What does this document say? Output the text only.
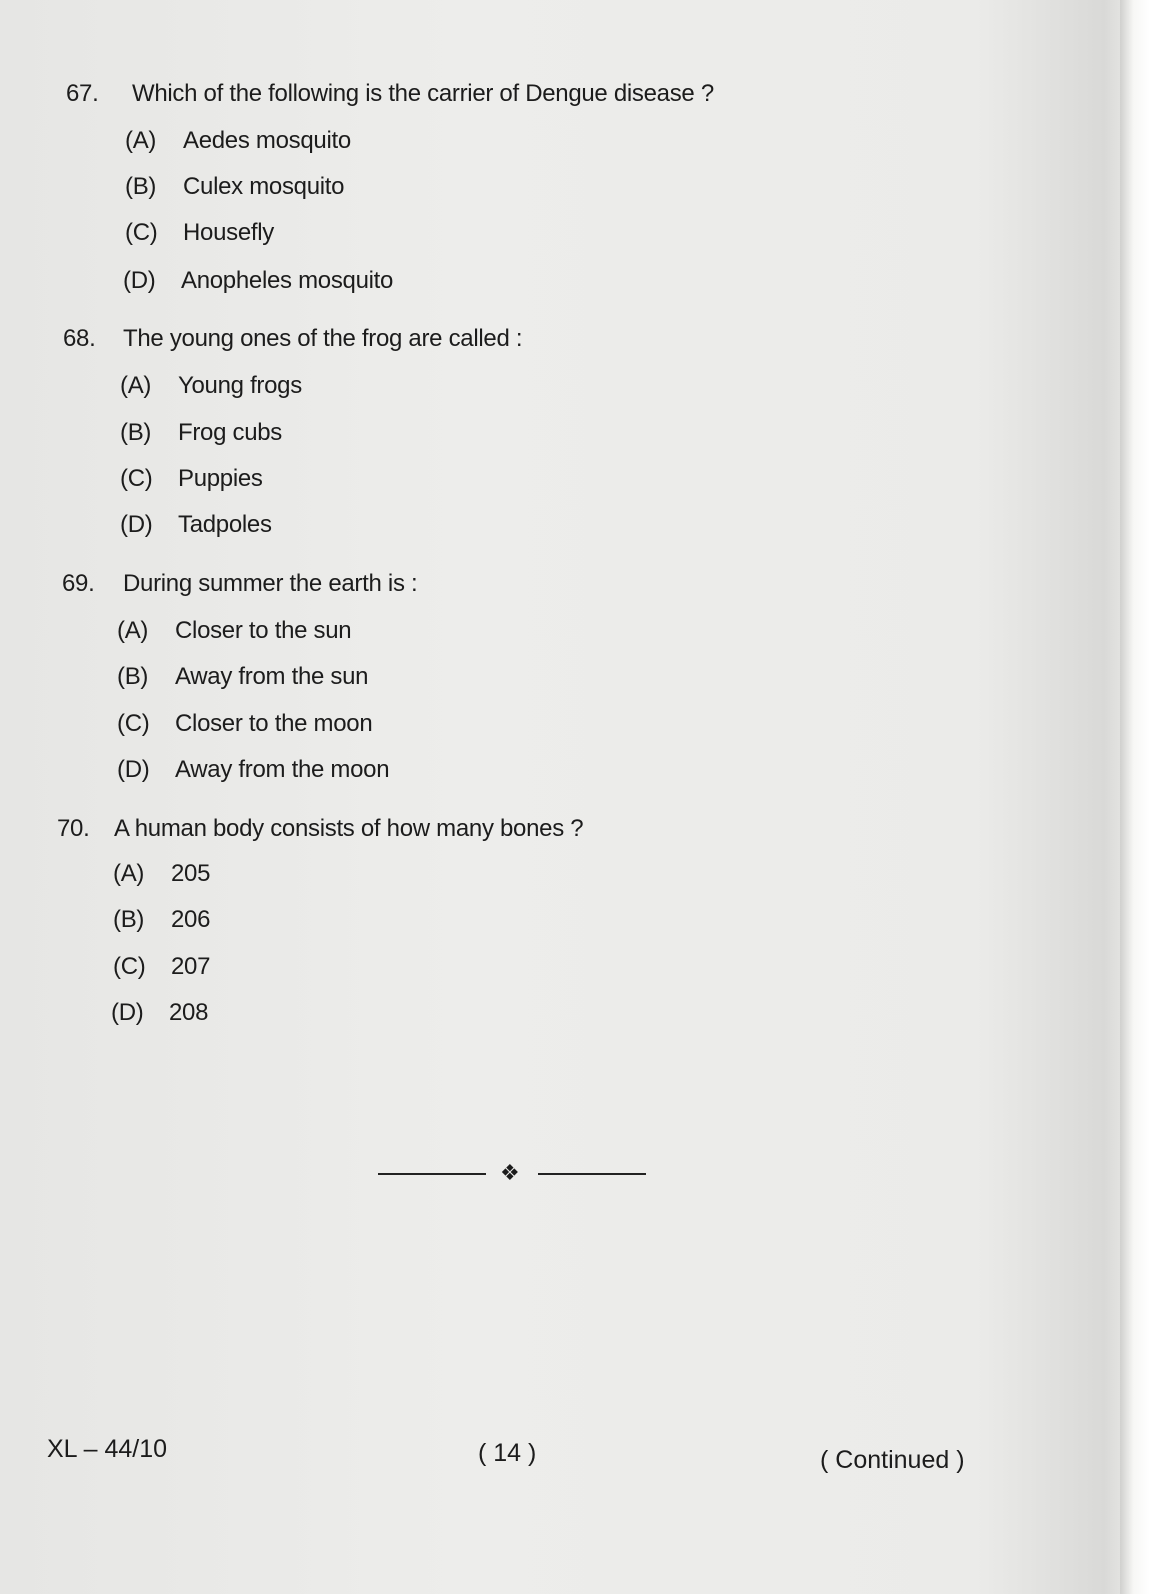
67. Which of the following is the carrier of Dengue disease ?
(A) Aedes mosquito
(B) Culex mosquito
(C) Housefly
(D) Anopheles mosquito
68. The young ones of the frog are called :
(A) Young frogs
(B) Frog cubs
(C) Puppies
(D) Tadpoles
69. During summer the earth is :
(A) Closer to the sun
(B) Away from the sun
(C) Closer to the moon
(D) Away from the moon
70. A human body consists of how many bones ?
(A) 205
(B) 206
(C) 207
(D) 208
❖
XL – 44/10	( 14 )	( Continued )
